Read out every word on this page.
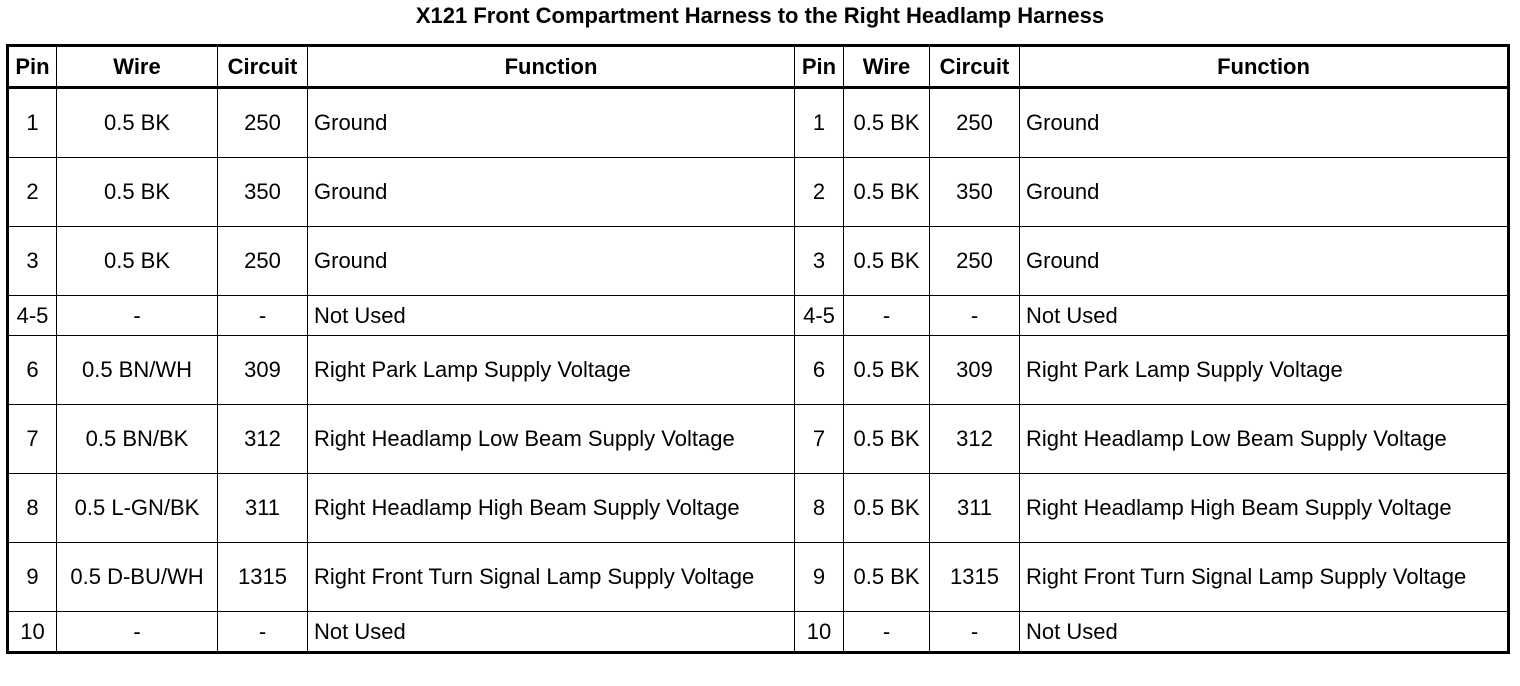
X121 Front Compartment Harness to the Right Headlamp Harness
Pin	Wire	Circuit	Function	Pin	Wire	Circuit	Function
1	0.5 BK	250	Ground	1	0.5 BK	250	Ground
2	0.5 BK	350	Ground	2	0.5 BK	350	Ground
3	0.5 BK	250	Ground	3	0.5 BK	250	Ground
4-5	-	-	Not Used	4-5	-	-	Not Used
6	0.5 BN/WH	309	Right Park Lamp Supply Voltage	6	0.5 BK	309	Right Park Lamp Supply Voltage
7	0.5 BN/BK	312	Right Headlamp Low Beam Supply Voltage	7	0.5 BK	312	Right Headlamp Low Beam Supply Voltage
8	0.5 L-GN/BK	311	Right Headlamp High Beam Supply Voltage	8	0.5 BK	311	Right Headlamp High Beam Supply Voltage
9	0.5 D-BU/WH	1315	Right Front Turn Signal Lamp Supply Voltage	9	0.5 BK	1315	Right Front Turn Signal Lamp Supply Voltage
10	-	-	Not Used	10	-	-	Not Used
